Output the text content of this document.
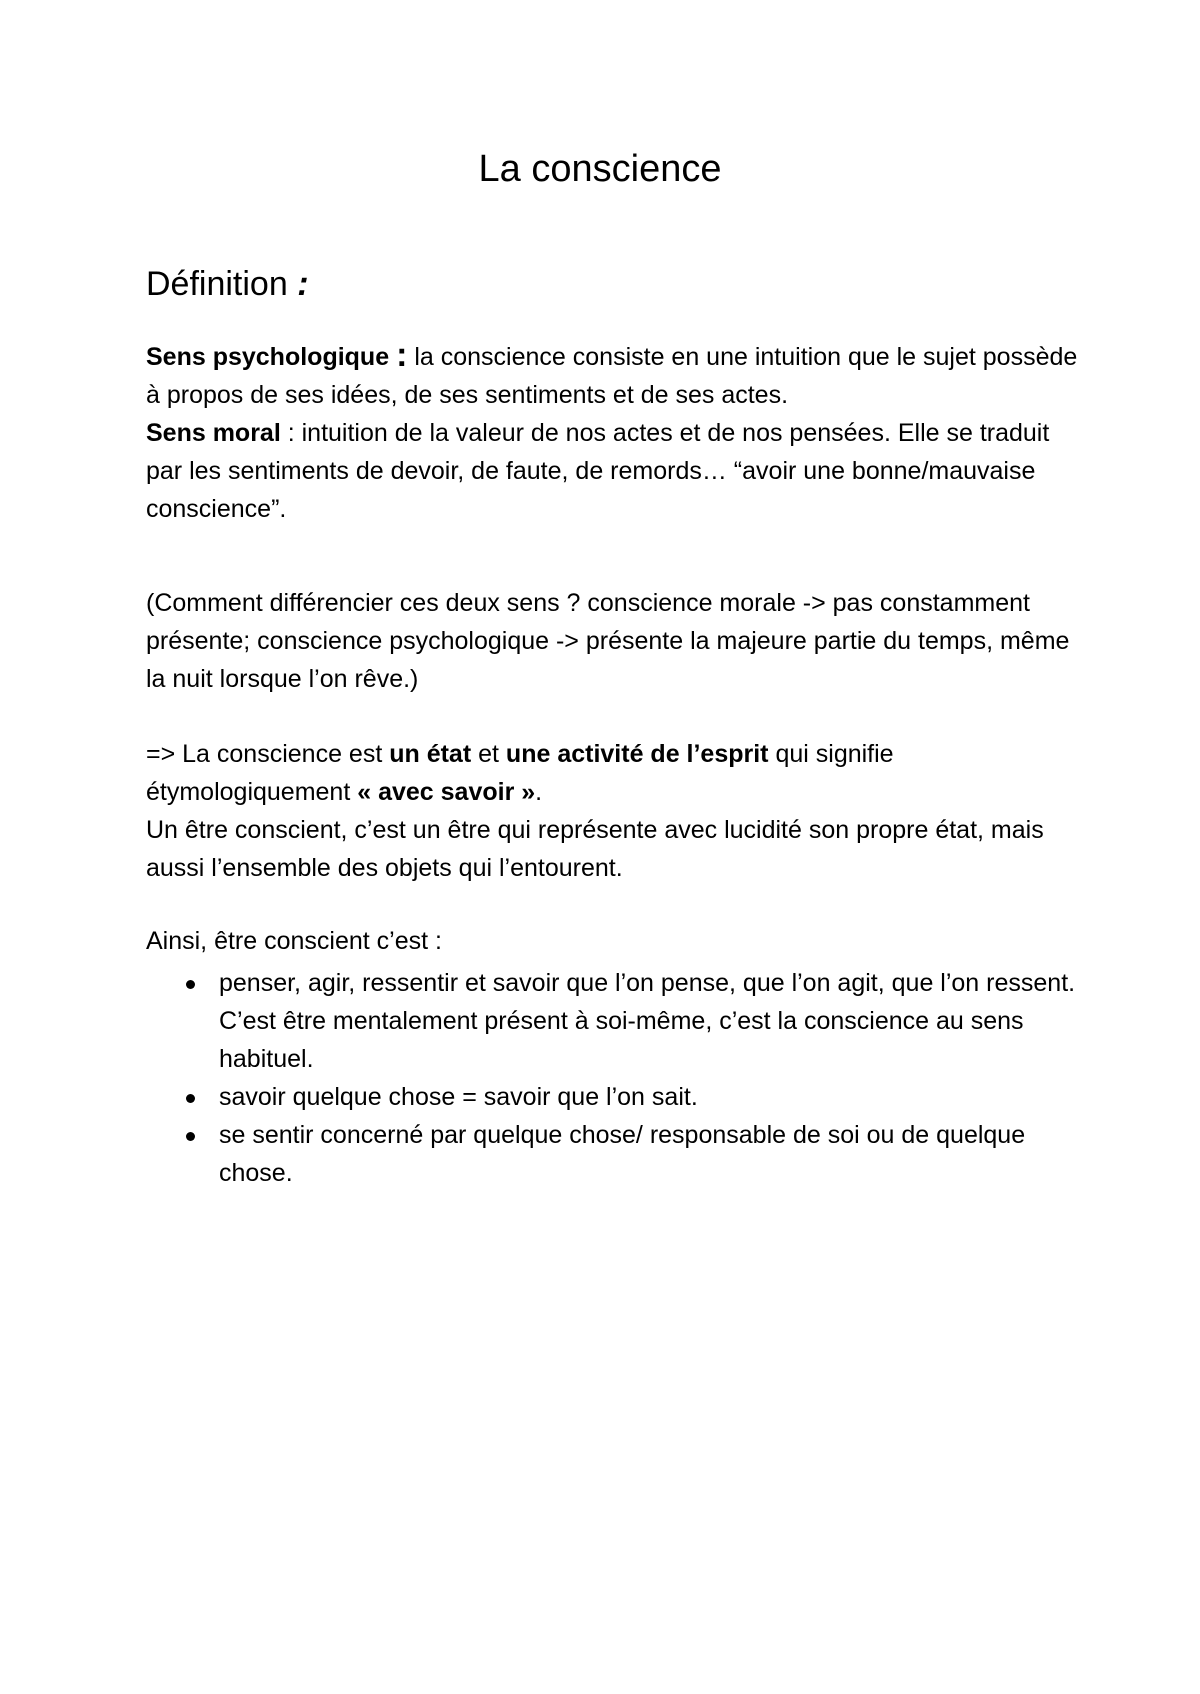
La conscience
Définition :

Sens psychologique : la conscience consiste en une intuition que le sujet possède à propos de ses idées, de ses sentiments et de ses actes.
Sens moral : intuition de la valeur de nos actes et de nos pensées. Elle se traduit par les sentiments de devoir, de faute, de remords… “avoir une bonne/mauvaise conscience”.

(Comment différencier ces deux sens ? conscience morale -> pas constamment présente; conscience psychologique -> présente la majeure partie du temps, même la nuit lorsque l’on rêve.)

=> La conscience est un état et une activité de l’esprit qui signifie étymologiquement « avec savoir ».
Un être conscient, c’est un être qui représente avec lucidité son propre état, mais aussi l’ensemble des objets qui l’entourent.

Ainsi, être conscient c’est :

penser, agir, ressentir et savoir que l’on pense, que l’on agit, que l’on ressent. C’est être mentalement présent à soi-même, c’est la conscience au sens habituel.
savoir quelque chose = savoir que l’on sait.
se sentir concerné par quelque chose/ responsable de soi ou de quelque chose.
